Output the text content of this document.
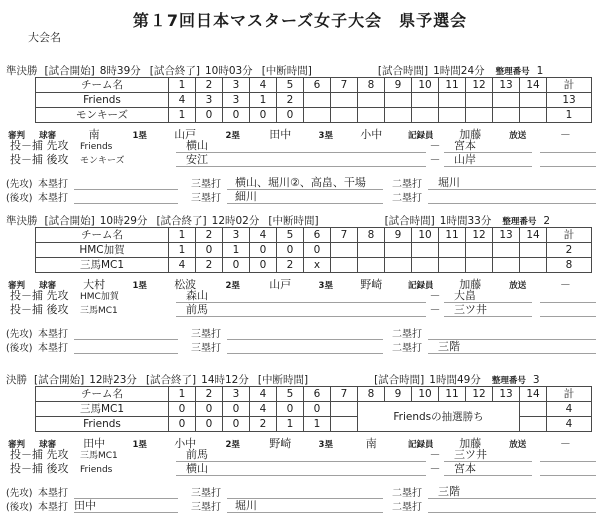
大会名
第１7回日本マスターズ女子大会　県予選会
準決勝 [試合開始] 8時39分 [試合終了] 10時03分 [中断時間]	[試合時間] 1時間24分 整理番号 1
チーム名	1	2	3	4	5	6	7	8	9	10	11	12	13	14	計
Friends	4	3	3	1	2										13
モンキーズ	1	0	0	0	0										1
審判	球審	南	1塁	山戸	2塁	田中	3塁	小中	記録員	加藤	放送	－
投－捕 先攻	Friends	横山	－	宮本
投－捕 後攻	モンキーズ	安江	－	山岸
(先攻) 本塁打	三塁打	横山、堀川②、高畠、干場	二塁打	堀川
(後攻) 本塁打	三塁打	細川	二塁打
準決勝 [試合開始] 10時29分 [試合終了] 12時02分 [中断時間]	[試合時間] 1時間33分 整理番号 2
チーム名	1	2	3	4	5	6	7	8	9	10	11	12	13	14	計
HMC加賀	1	0	1	0	0	0									2
三馬MC1	4	2	0	0	2	x									8
審判	球審	大村	1塁	松波	2塁	山戸	3塁	野崎	記録員	加藤	放送	－
投－捕 先攻	HMC加賀	森山	－	大畠
投－捕 後攻	三馬MC1	前馬	－	三ツ井
(先攻) 本塁打	三塁打	二塁打
(後攻) 本塁打	三塁打	二塁打	三階
決勝 [試合開始] 12時23分 [試合終了] 14時12分 [中断時間]	[試合時間] 1時間49分 整理番号 3
チーム名	1	2	3	4	5	6	7	8	9	10	11	12	13	14	計
三馬MC1	0	0	0	4	0	0		Friendsの抽選勝ち							4
Friends	0	0	0	2	1	1									4
審判	球審	田中	1塁	小中	2塁	野崎	3塁	南	記録員	加藤	放送	－
投－捕 先攻	三馬MC1	前馬	－	三ツ井
投－捕 後攻	Friends	横山	－	宮本
(先攻) 本塁打	三塁打	二塁打	三階
(後攻) 本塁打 田中	三塁打	堀川	二塁打
